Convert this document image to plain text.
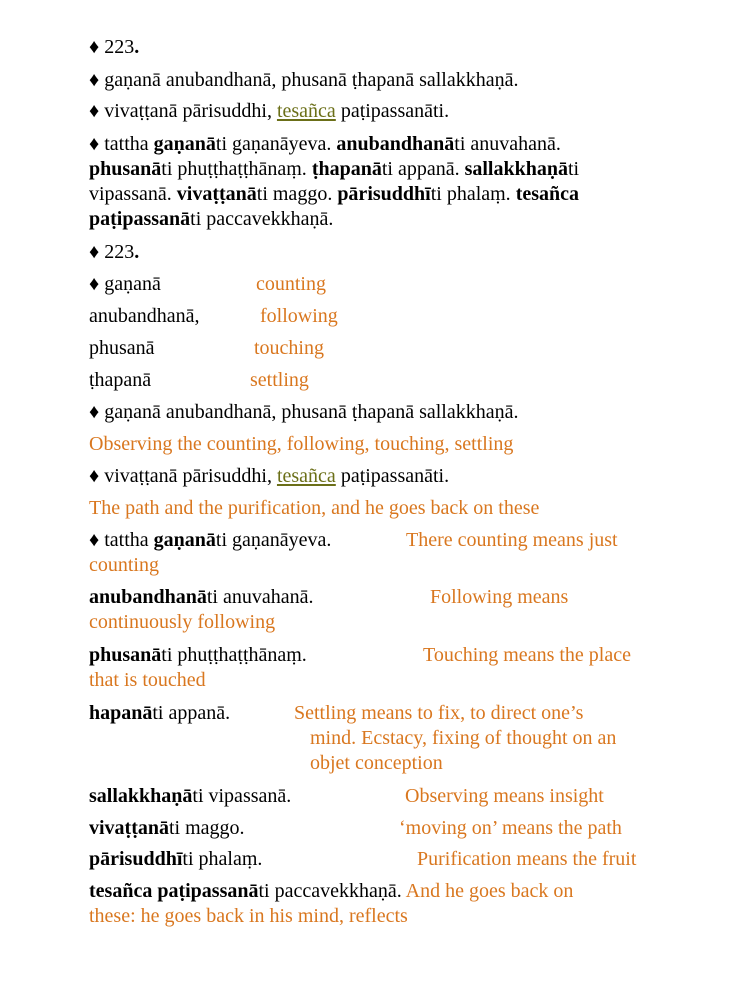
♦ 223.
♦ gaṇanā anubandhanā, phusanā ṭhapanā sallakkhaṇā.
♦ vivaṭṭanā pārisuddhi, tesañca paṭipassanāti.
♦ tattha gaṇanāti gaṇanāyeva. anubandhanāti anuvahanā.
phusanāti phuṭṭhaṭṭhānaṃ. ṭhapanāti appanā. sallakkhaṇāti
vipassanā. vivaṭṭanāti maggo. pārisuddhīti phalaṃ. tesañca
paṭipassanāti paccavekkhaṇā.
♦ 223.
♦ gaṇanā	counting
anubandhanā,	following
phusanā	touching
ṭhapanā	settling
♦ gaṇanā anubandhanā, phusanā ṭhapanā sallakkhaṇā.
Observing the counting, following, touching, settling
♦ vivaṭṭanā pārisuddhi, tesañca paṭipassanāti.
The path and the purification, and he goes back on these
♦ tattha gaṇanāti gaṇanāyeva.	There counting means just
counting
anubandhanāti anuvahanā.	Following means
continuously following
phusanāti phuṭṭhaṭṭhānaṃ.	Touching means the place
that is touched
hapanāti appanā.	Settling means to fix, to direct one’s
mind. Ecstacy, fixing of thought on an
objet conception
sallakkhaṇāti vipassanā.	Observing means insight
vivaṭṭanāti maggo.	‘moving on’ means the path
pārisuddhīti phalaṃ.	Purification means the fruit
tesañca paṭipassanāti paccavekkhaṇā. And he goes back on
these: he goes back in his mind, reflects
